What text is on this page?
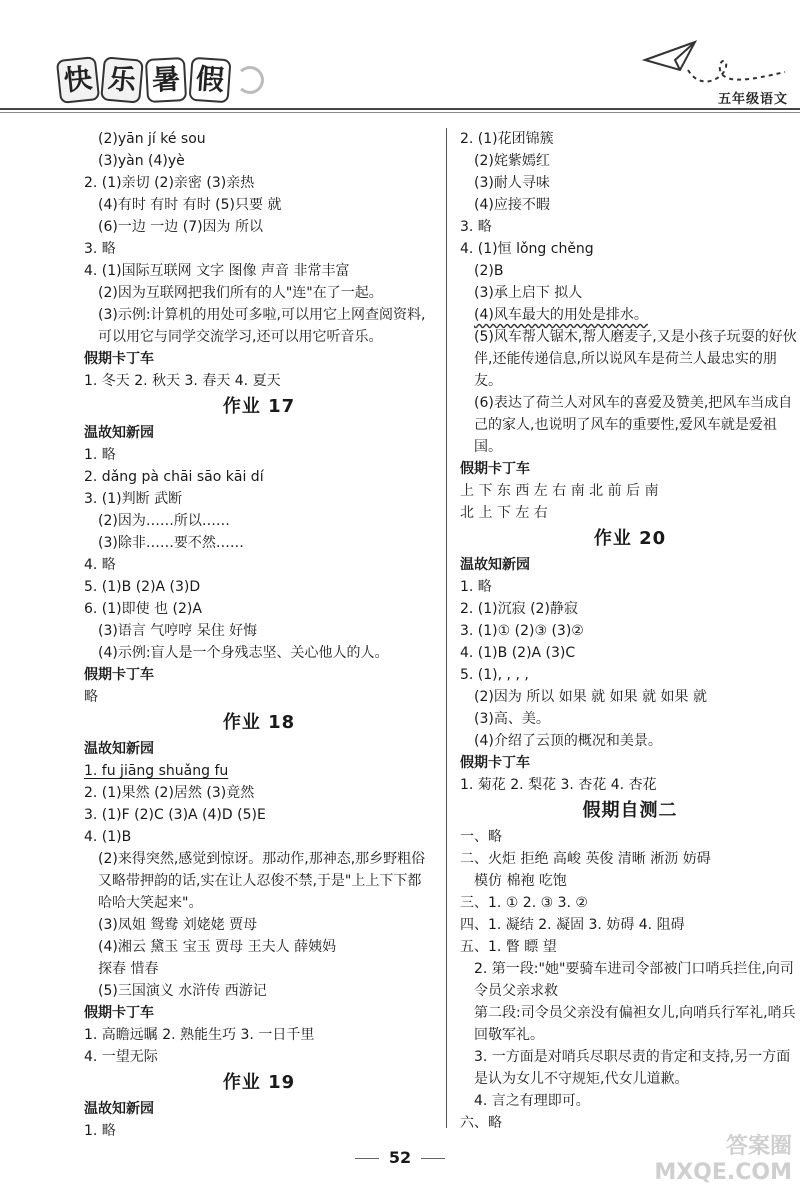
快 乐 暑 假
五年级语文
(2)yān jí ké sou
(3)yàn (4)yè
2. (1)亲切 (2)亲密 (3)亲热
(4)有时 有时 有时 (5)只要 就
(6)一边 一边 (7)因为 所以
3. 略
4. (1)国际互联网 文字 图像 声音 非常丰富
(2)因为互联网把我们所有的人"连"在了一起。
(3)示例:计算机的用处可多啦,可以用它上网查阅资料,可以用它与同学交流学习,还可以用它听音乐。
假期卡丁车
1. 冬天 2. 秋天 3. 春天 4. 夏天
作业 17
温故知新园
1. 略
2. dǎng pà chāi sāo kāi dí
3. (1)判断 武断
(2)因为……所以……
(3)除非……要不然……
4. 略
5. (1)B (2)A (3)D
6. (1)即使 也 (2)A
(3)语言 气哼哼 呆住 好悔
(4)示例:盲人是一个身残志坚、关心他人的人。
假期卡丁车
略
作业 18
温故知新园
1. fu jiāng shuǎng fu
2. (1)果然 (2)居然 (3)竟然
3. (1)F (2)C (3)A (4)D (5)E
4. (1)B
(2)来得突然,感觉到惊讶。那动作,那神态,那乡野粗俗又略带押韵的话,实在让人忍俊不禁,于是"上上下下都哈哈大笑起来"。
(3)凤姐 鸳鸯 刘姥姥 贾母
(4)湘云 黛玉 宝玉 贾母 王夫人 薛姨妈
探春 惜春
(5)三国演义 水浒传 西游记
假期卡丁车
1. 高瞻远瞩 2. 熟能生巧 3. 一日千里
4. 一望无际
作业 19
温故知新园
1. 略
2. (1)花团锦簇
(2)姹紫嫣红
(3)耐人寻味
(4)应接不暇
3. 略
4. (1)恒 lǒng chěng
(2)B
(3)承上启下 拟人
(4)风车最大的用处是排水。
(5)风车帮人锯木,帮人磨麦子,又是小孩子玩耍的好伙伴,还能传递信息,所以说风车是荷兰人最忠实的朋友。
(6)表达了荷兰人对风车的喜爱及赞美,把风车当成自己的家人,也说明了风车的重要性,爱风车就是爱祖国。
假期卡丁车
上 下 东 西 左 右 南 北 前 后 南
北 上 下 左 右
作业 20
温故知新园
1. 略
2. (1)沉寂 (2)静寂
3. (1)① (2)③ (3)②
4. (1)B (2)A (3)C
5. (1), , , ,
(2)因为 所以 如果 就 如果 就 如果 就
(3)高、美。
(4)介绍了云顶的概况和美景。
假期卡丁车
1. 菊花 2. 梨花 3. 杏花 4. 杏花
假期自测二
一、略
二、火炬 拒绝 高峻 英俊 清晰 淅沥 妨碍
模仿 棉袍 吃饱
三、1. ① 2. ③ 3. ②
四、1. 凝结 2. 凝固 3. 妨碍 4. 阻碍
五、1. 瞥 瞟 望
2. 第一段:"她"要骑车进司令部被门口哨兵拦住,向司令员父亲求救
第二段:司令员父亲没有偏袒女儿,向哨兵行军礼,哨兵回敬军礼。
3. 一方面是对哨兵尽职尽责的肯定和支持,另一方面是认为女儿不守规矩,代女儿道歉。
4. 言之有理即可。
六、略
52	答案圈
MXQE.COM
